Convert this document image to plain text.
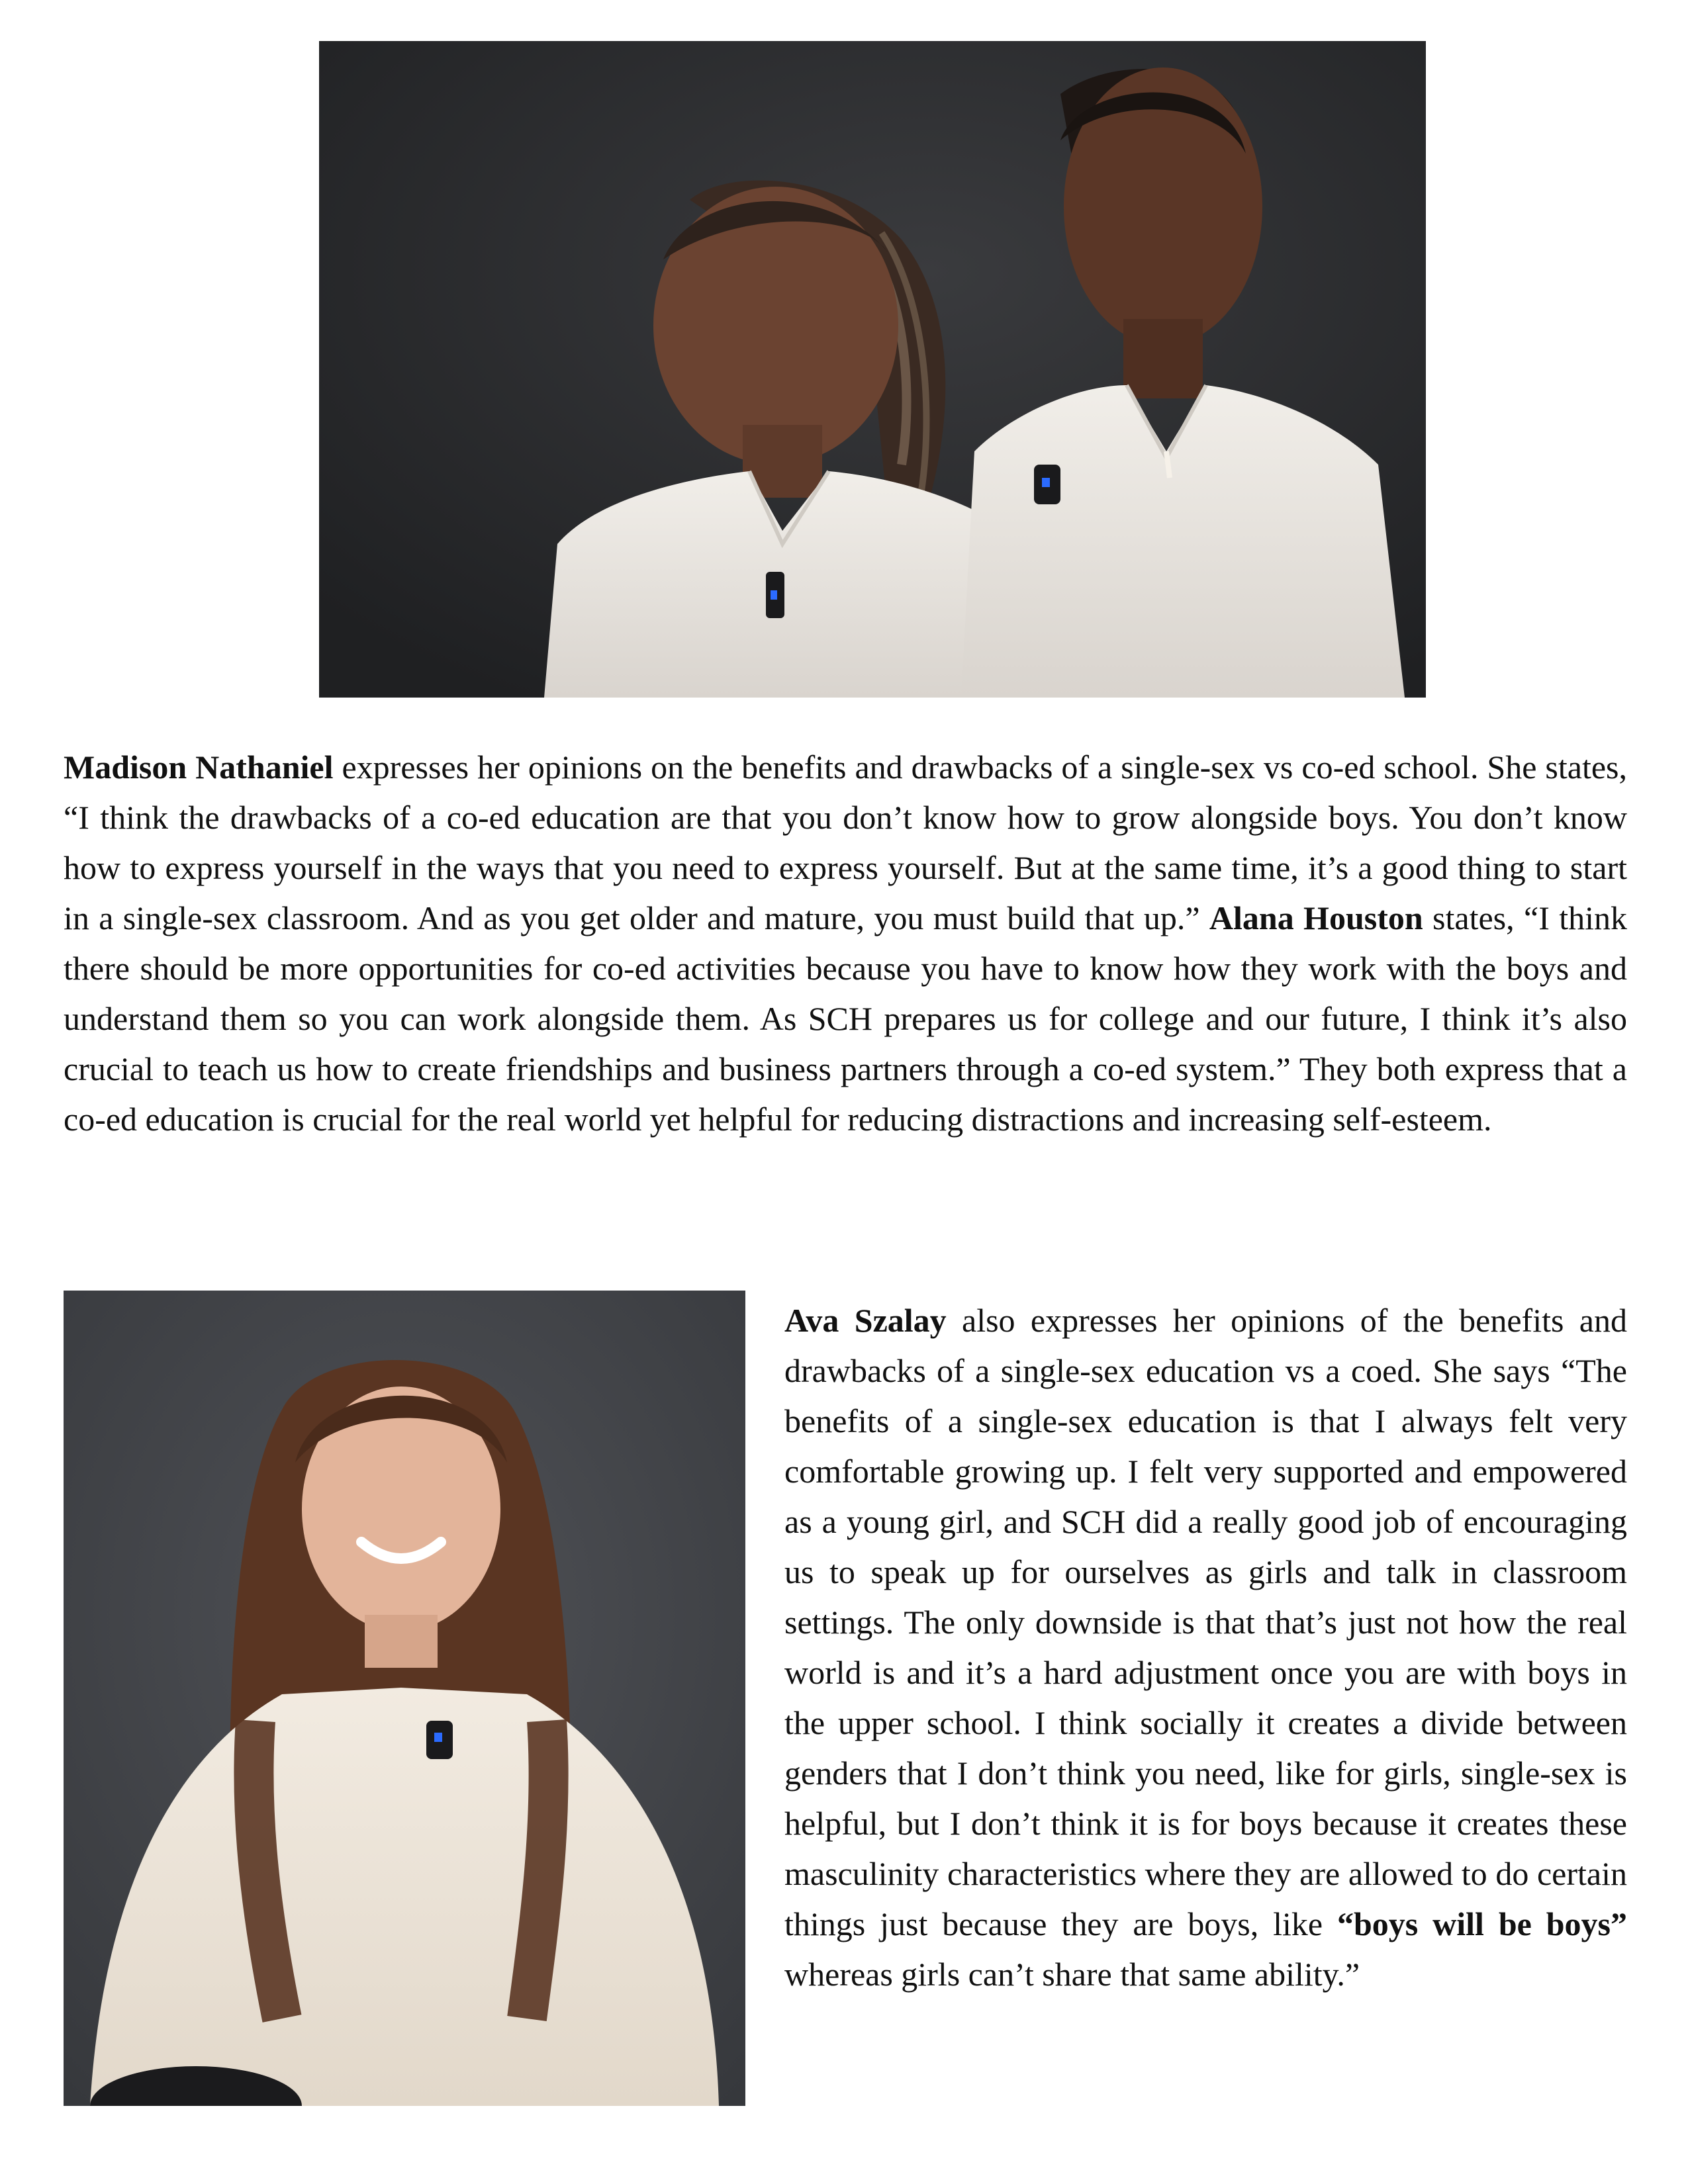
Madison Nathaniel expresses her opinions on the benefits and drawbacks of a single-sex vs co-ed school. She states, “I think the drawbacks of a co-ed education are that you don’t know how to grow alongside boys. You don’t know how to express yourself in the ways that you need to express yourself. But at the same time, it’s a good thing to start in a single-sex classroom. And as you get older and mature, you must build that up.” Alana Houston states, “I think there should be more opportunities for co-ed activities because you have to know how they work with the boys and understand them so you can work alongside them. As SCH prepares us for college and our future, I think it’s also crucial to teach us how to create friendships and business partners through a co-ed system.” They both express that a co-ed education is crucial for the real world yet helpful for reducing distractions and increasing self-esteem.

Ava Szalay also expresses her opinions of the benefits and drawbacks of a single-sex education vs a coed. She says “The benefits of a single-sex education is that I always felt very comfortable growing up. I felt very supported and empowered as a young girl, and SCH did a really good job of encouraging us to speak up for ourselves as girls and talk in classroom settings. The only downside is that that’s just not how the real world is and it’s a hard adjustment once you are with boys in the upper school. I think socially it creates a divide between genders that I don’t think you need, like for girls, single-sex is helpful, but I don’t think it is for boys because it creates these masculinity characteristics where they are allowed to do certain things just because they are boys, like “boys will be boys” whereas girls can’t share that same ability.”
